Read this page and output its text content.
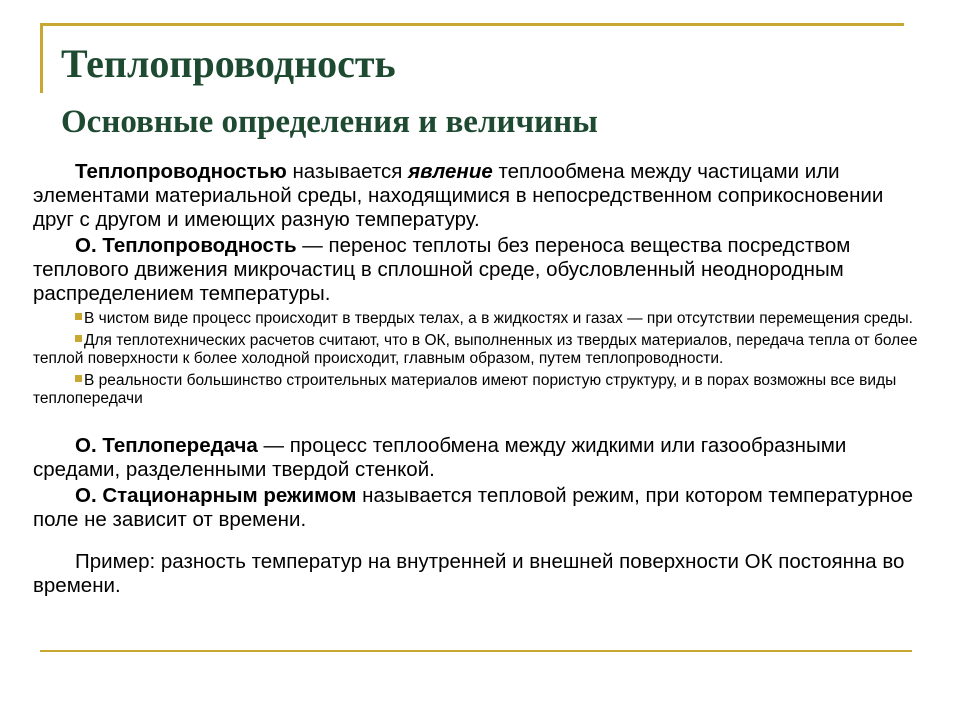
Теплопроводность
Основные определения и величины

Теплопроводностью называется явление теплообмена между частицами или элементами материальной среды, находящимися в непосредственном соприкосновении друг с другом и имеющих разную температуру.

О. Теплопроводность — перенос теплоты без переноса вещества посредством теплового движения микрочастиц в сплошной среде, обусловленный неоднородным распределением температуры.

В чистом виде процесс происходит в твердых телах, а в жидкостях и газах — при отсутствии перемещения среды.
Для теплотехнических расчетов считают, что в ОК, выполненных из твердых материалов, передача тепла от более теплой поверхности к более холодной происходит, главным образом, путем теплопроводности.
В реальности большинство строительных материалов имеют пористую структуру, и в порах возможны все виды теплопередачи

О. Теплопередача — процесс теплообмена между жидкими или газообразными средами, разделенными твердой стенкой.

О. Стационарным режимом называется тепловой режим, при котором температурное поле не зависит от времени.

Пример: разность температур на внутренней и внешней поверхности ОК постоянна во времени.
